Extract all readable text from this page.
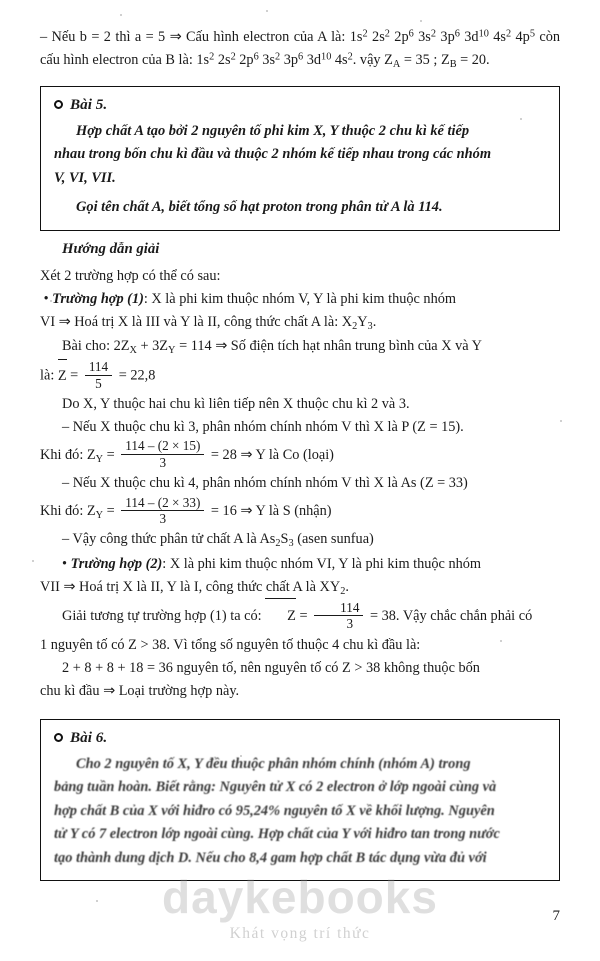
– Nếu b = 2 thì a = 5 ⇒ Cấu hình electron của A là: $1s^2$ $2s^2$ $2p^6$ $3s^2$ $3p^6$ $3d^{10}$ $4s^2$ $4p^5$ còn cấu hình electron của B là: $1s^2$ $2s^2$ $2p^6$ $3s^2$ $3p^6$ $3d^{10}$ $4s^2$. vậy $Z_A = 35$ ; $Z_B = 20$.
Bài 5.
Hợp chất A tạo bởi 2 nguyên tố phi kim X, Y thuộc 2 chu kì kế tiếp
nhau trong bốn chu kì đầu và thuộc 2 nhóm kế tiếp nhau trong các nhóm
V, VI, VII.
Gọi tên chất A, biết tổng số hạt proton trong phân tử A là 114.
Hướng dẫn giải
Xét 2 trường hợp có thể có sau:
• Trường hợp (1): X là phi kim thuộc nhóm V, Y là phi kim thuộc nhóm
VI ⇒ Hoá trị X là III và Y là II, công thức chất A là: $X_2Y_3$.
Bài cho: $2Z_X + 3Z_Y = 114$ ⇒ Số điện tích hạt nhân trung bình của X và Y
là: $Z = \frac{114}{5} = 22,8$
Do X, Y thuộc hai chu kì liên tiếp nên X thuộc chu kì 2 và 3.
– Nếu X thuộc chu kì 3, phân nhóm chính nhóm V thì X là P (Z = 15).
Khi đó: $Z_Y = \frac{114 - (2 \times 15)}{3} = 28$ ⇒ Y là Co (loại)
– Nếu X thuộc chu kì 4, phân nhóm chính nhóm V thì X là As (Z = 33)
Khi đó: $Z_Y = \frac{114 - (2 \times 33)}{3} = 16$ ⇒ Y là S (nhận)
– Vậy công thức phân tử chất A là $As_2S_3$ (asen sunfua)
• Trường hợp (2): X là phi kim thuộc nhóm VI, Y là phi kim thuộc nhóm
VII ⇒ Hoá trị X là II, Y là I, công thức chất A là $XY_2$.
Giải tương tự trường hợp (1) ta có: $Z = \frac{114}{3} = 38$. Vậy chắc chắn phải có
1 nguyên tố có Z > 38. Vì tổng số nguyên tố thuộc 4 chu kì đầu là:
2 + 8 + 8 + 18 = 36 nguyên tố, nên nguyên tố có Z > 38 không thuộc bốn
chu kì đầu ⇒ Loại trường hợp này.
Bài 6.
Cho 2 nguyên tố X, Y đều thuộc phân nhóm chính (nhóm A) trong
bảng tuần hoàn. Biết rằng: Nguyên tử X có 2 electron ở lớp ngoài cùng và
hợp chất B của X với hiđro có 95,24% nguyên tố X về khối lượng. Nguyên
tử Y có 7 electron lớp ngoài cùng. Hợp chất của Y với hiđro tan trong nước
tạo thành dung dịch D. Nếu cho 8,4 gam hợp chất B tác dụng vừa đủ với
daykebooks
Khát vọng trí thức
7
